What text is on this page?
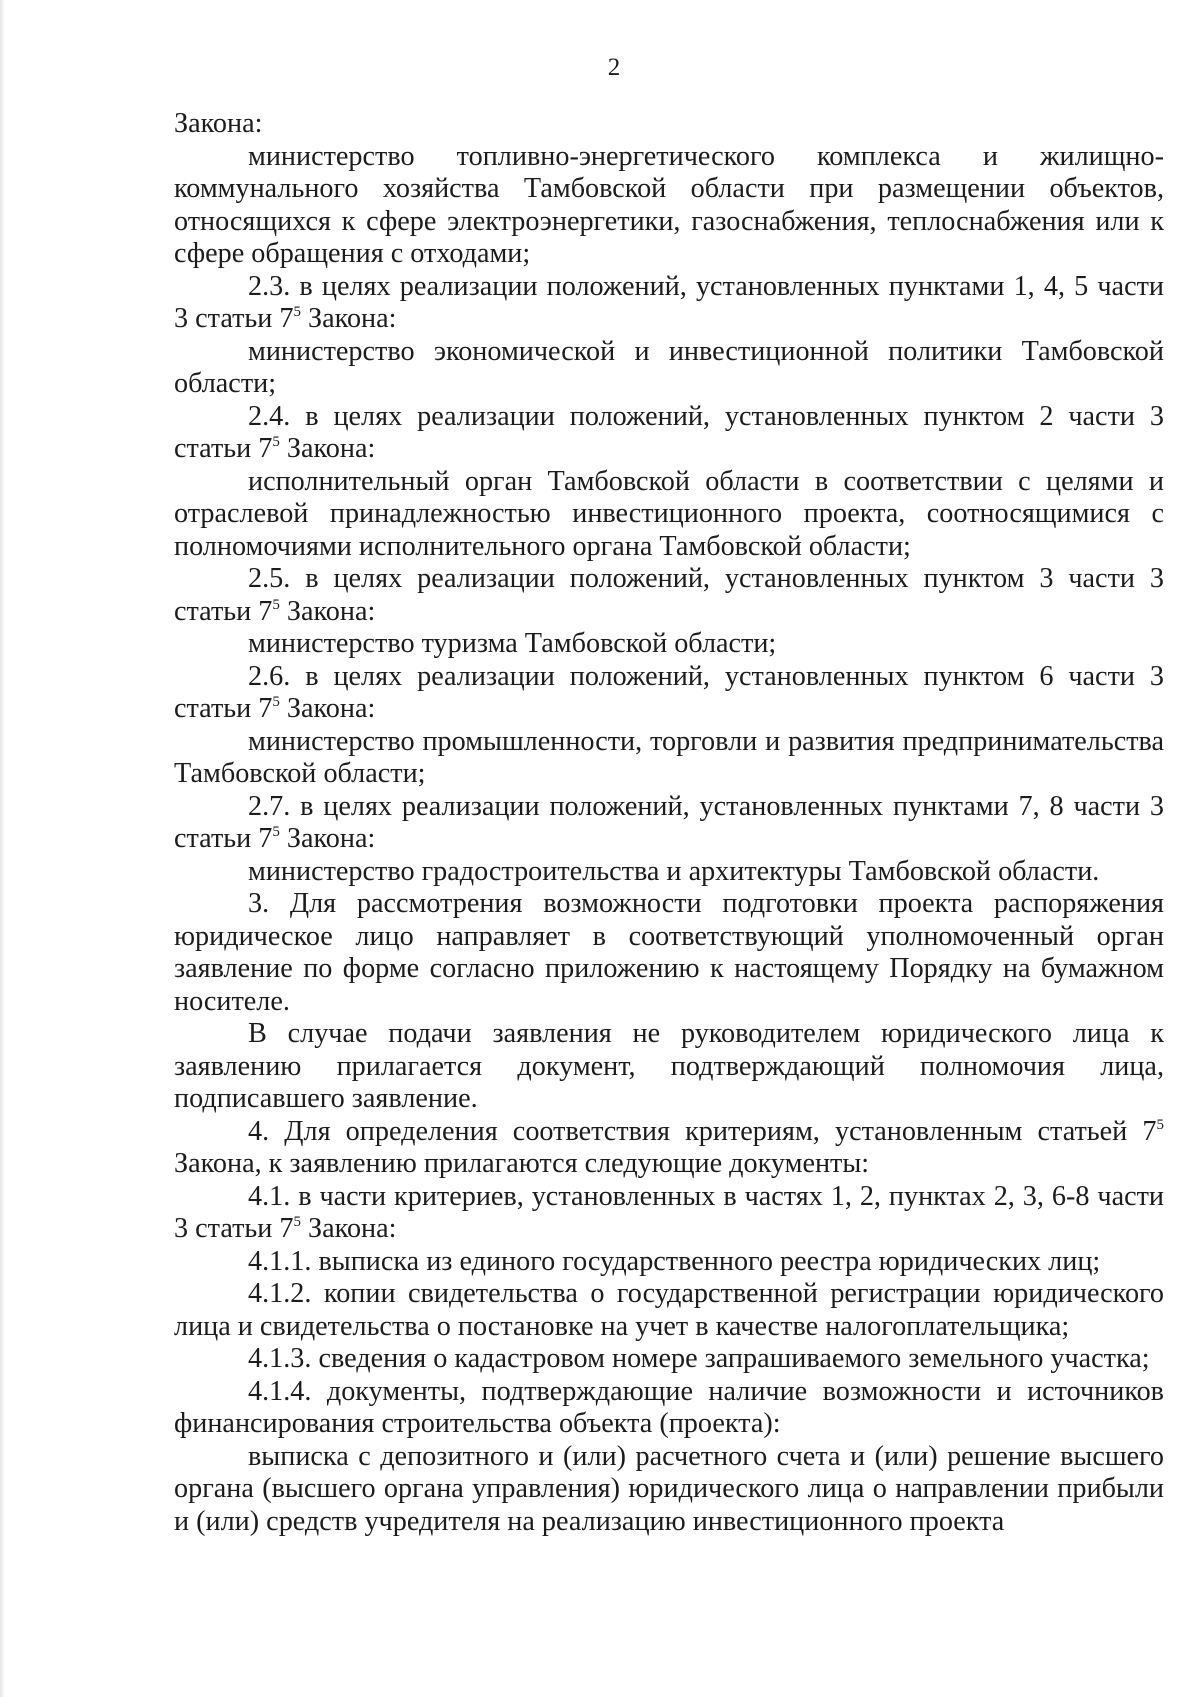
2

Закона:

министерство топливно-энергетического комплекса и жилищно-коммунального хозяйства Тамбовской области при размещении объектов, относящихся к сфере электроэнергетики, газоснабжения, теплоснабжения или к сфере обращения с отходами;

2.3. в целях реализации положений, установленных пунктами 1, 4, 5 части 3 статьи $7^5$ Закона:

министерство экономической и инвестиционной политики Тамбовской области;

2.4. в целях реализации положений, установленных пунктом 2 части 3 статьи $7^5$ Закона:

исполнительный орган Тамбовской области в соответствии с целями и отраслевой принадлежностью инвестиционного проекта, соотносящимися с полномочиями исполнительного органа Тамбовской области;

2.5. в целях реализации положений, установленных пунктом 3 части 3 статьи $7^5$ Закона:

министерство туризма Тамбовской области;

2.6. в целях реализации положений, установленных пунктом 6 части 3 статьи $7^5$ Закона:

министерство промышленности, торговли и развития предпринимательства Тамбовской области;

2.7. в целях реализации положений, установленных пунктами 7, 8 части 3 статьи $7^5$ Закона:

министерство градостроительства и архитектуры Тамбовской области.

3. Для рассмотрения возможности подготовки проекта распоряжения юридическое лицо направляет в соответствующий уполномоченный орган заявление по форме согласно приложению к настоящему Порядку на бумажном носителе.

В случае подачи заявления не руководителем юридического лица к заявлению прилагается документ, подтверждающий полномочия лица, подписавшего заявление.

4. Для определения соответствия критериям, установленным статьей $7^5$ Закона, к заявлению прилагаются следующие документы:

4.1. в части критериев, установленных в частях 1, 2, пунктах 2, 3, 6-8 части 3 статьи $7^5$ Закона:

4.1.1. выписка из единого государственного реестра юридических лиц;

4.1.2. копии свидетельства о государственной регистрации юридического лица и свидетельства о постановке на учет в качестве налогоплательщика;

4.1.3. сведения о кадастровом номере запрашиваемого земельного участка;

4.1.4. документы, подтверждающие наличие возможности и источников финансирования строительства объекта (проекта):

выписка с депозитного и (или) расчетного счета и (или) решение высшего органа (высшего органа управления) юридического лица о направлении прибыли и (или) средств учредителя на реализацию инвестиционного проекта
